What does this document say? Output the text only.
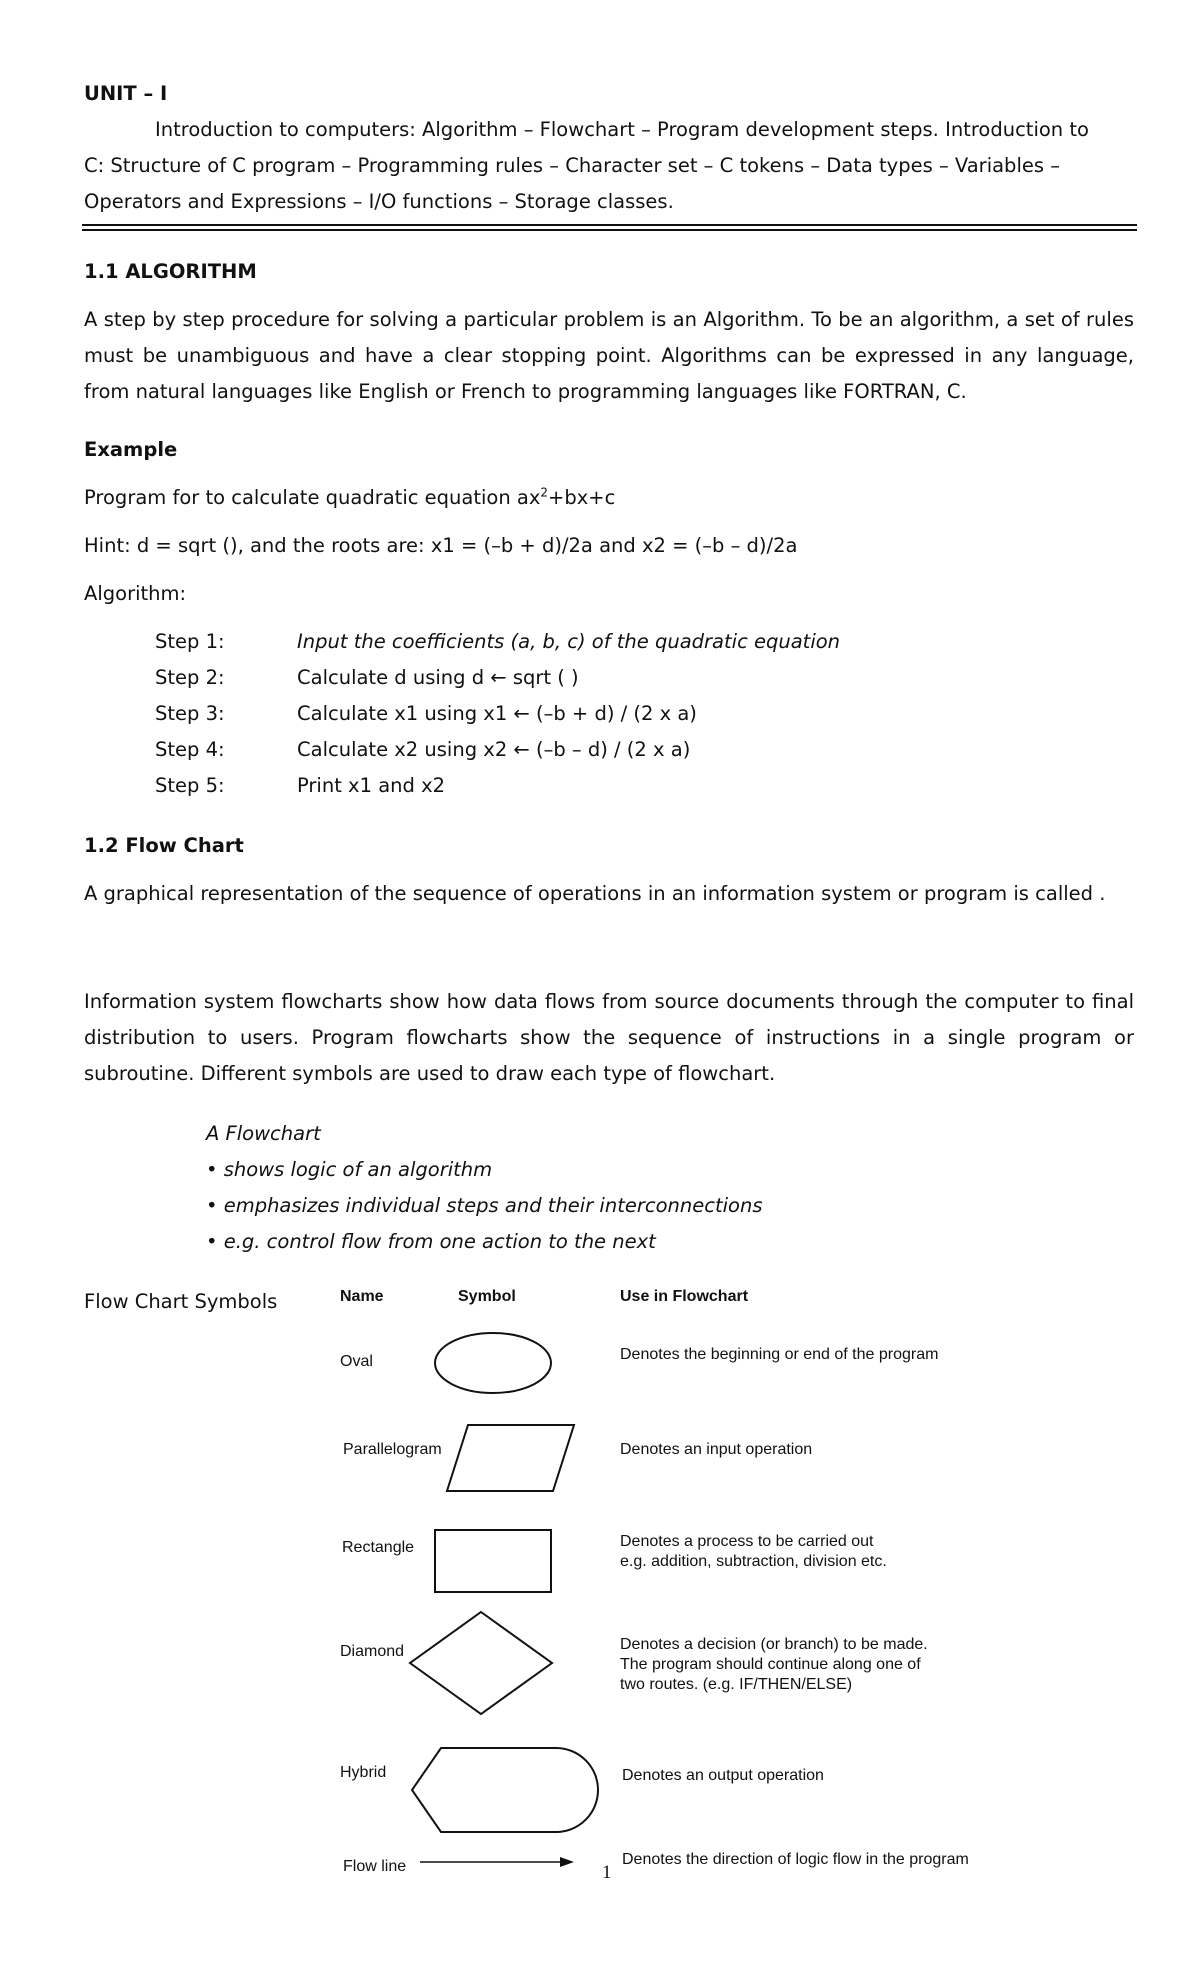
UNIT – I
Introduction to computers: Algorithm – Flowchart – Program development steps. Introduction to
C: Structure of C program – Programming rules – Character set – C tokens – Data types – Variables –
Operators and Expressions – I/O functions – Storage classes.
1.1 ALGORITHM
A step by step procedure for solving a particular problem is an Algorithm. To be an algorithm, a set of rules must be unambiguous and have a clear stopping point. Algorithms can be expressed in any language, from natural languages like English or French to programming languages like FORTRAN, C.
Example
Program for to calculate quadratic equation $ax^2+bx+c$
Hint: d = sqrt (), and the roots are: x1 = (–b + d)/2a and x2 = (–b – d)/2a
Algorithm:
Step 1:	Input the coefficients (a, b, c) of the quadratic equation
Step 2:	Calculate d using d ← sqrt ( )
Step 3:	Calculate x1 using x1 ← (–b + d) / (2 x a)
Step 4:	Calculate x2 using x2 ← (–b – d) / (2 x a)
Step 5:	Print x1 and x2
1.2 Flow Chart
A graphical representation of the sequence of operations in an information system or program is called .
Information system flowcharts show how data flows from source documents through the computer to final distribution to users. Program flowcharts show the sequence of instructions in a single program or subroutine. Different symbols are used to draw each type of flowchart.
A Flowchart
• shows logic of an algorithm
• emphasizes individual steps and their interconnections
• e.g. control flow from one action to the next
Flow Chart Symbols	Name	Symbol	Use in Flowchart
Oval	Denotes the beginning or end of the program
Parallelogram	Denotes an input operation
Rectangle	Denotes a process to be carried out
e.g. addition, subtraction, division etc.
Diamond	Denotes a decision (or branch) to be made.
The program should continue along one of
two routes. (e.g. IF/THEN/ELSE)
Hybrid	Denotes an output operation
Flow line	Denotes the direction of logic flow in the program
1
